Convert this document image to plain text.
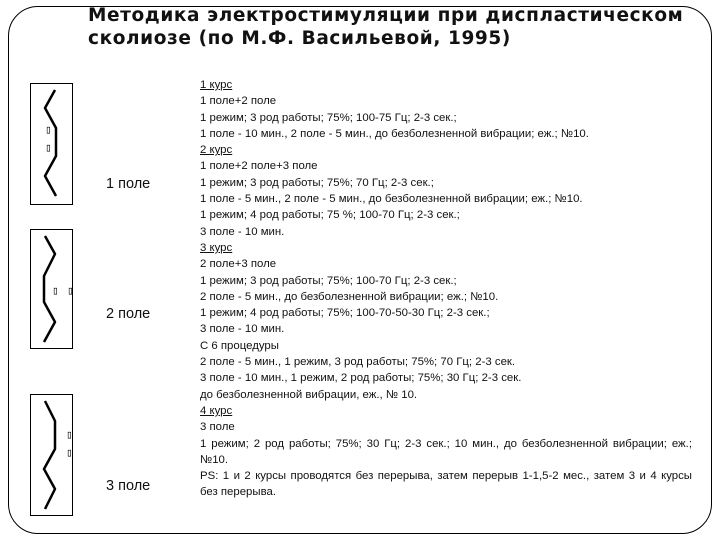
Методика электростимуляции при диспластическом сколиозе (по М.Ф. Васильевой, 1995)
▯
▯
▯ ▯
▯
▯
1 поле
2 поле
3 поле
1 курс
1 поле+2 поле
1 режим; 3 род работы; 75%; 100-75 Гц; 2-3 сек.;
1 поле - 10 мин., 2 поле - 5 мин., до безболезненной вибрации; еж.; №10.
2 курс
1 поле+2 поле+3 поле
1 режим; 3 род работы; 75%; 70 Гц; 2-3 сек.;
1 поле - 5 мин., 2 поле - 5 мин., до безболезненной вибрации; еж.; №10.
1 режим; 4 род работы; 75 %; 100-70 Гц; 2-3 сек.;
3 поле - 10 мин.
3 курс
2 поле+3 поле
1 режим; 3 род работы; 75%; 100-70 Гц; 2-3 сек.;
2 поле - 5 мин., до безболезненной вибрации; еж.; №10.
1 режим; 4 род работы; 75%; 100-70-50-30 Гц; 2-3 сек.;
3 поле - 10 мин.
С 6 процедуры
2 поле - 5 мин., 1 режим, 3 род работы; 75%; 70 Гц; 2-3 сек.
3 поле - 10 мин., 1 режим, 2 род работы; 75%; 30 Гц; 2-3 сек.
до безболезненной вибрации, еж., № 10.
4 курс
3 поле
1 режим; 2 род работы; 75%; 30 Гц; 2-3 сек.; 10 мин., до безболезненной вибрации; еж.; №10.
PS: 1 и 2 курсы проводятся без перерыва, затем перерыв 1-1,5-2 мес., затем 3 и 4 курсы без перерыва.
